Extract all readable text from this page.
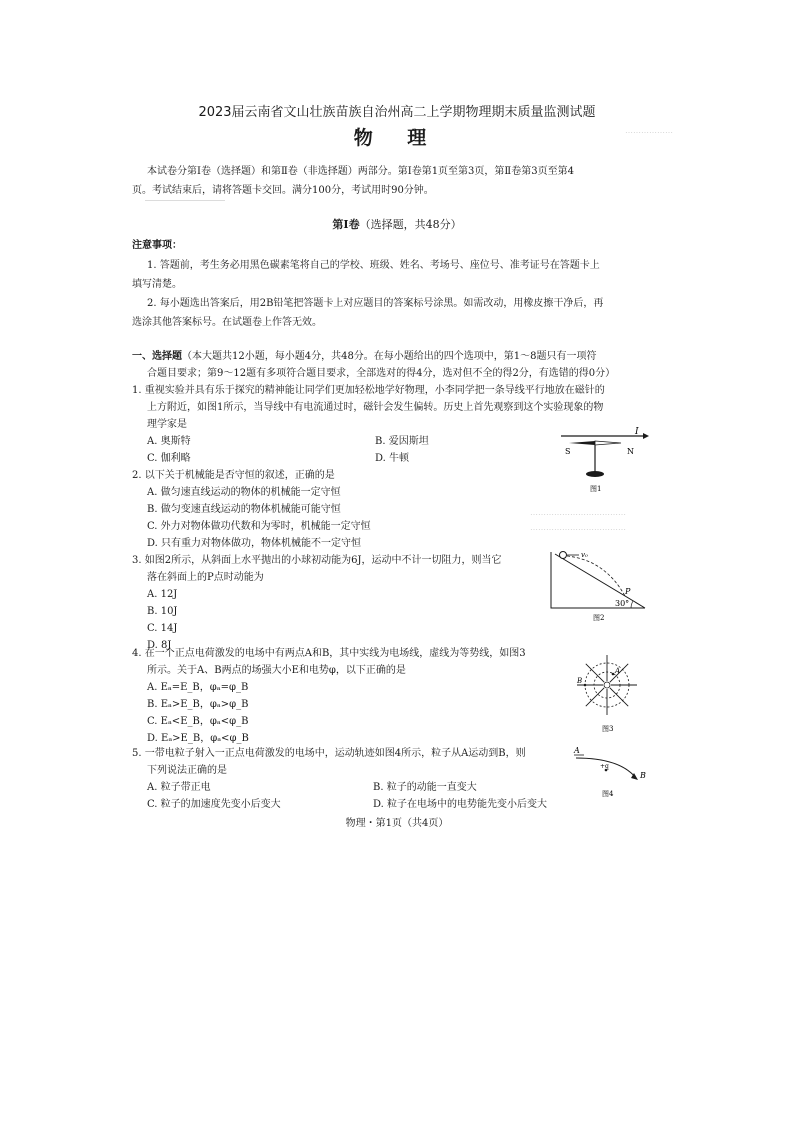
⋯⋯⋯⋯⋯⋯
⋯⋯⋯⋯⋯⋯⋯⋯⋯⋯⋯⋯
⋯⋯⋯⋯⋯⋯⋯⋯⋯⋯⋯⋯
2023届云南省文山壮族苗族自治州高二上学期物理期末质量监测试题
物 理
本试卷分第Ⅰ卷（选择题）和第Ⅱ卷（非选择题）两部分。第Ⅰ卷第1页至第3页，第Ⅱ卷第3页至第4
页。考试结束后，请将答题卡交回。满分100分，考试用时90分钟。
第Ⅰ卷（选择题，共48分）
注意事项：
1. 答题前，考生务必用黑色碳素笔将自己的学校、班级、姓名、考场号、座位号、准考证号在答题卡上
填写清楚。
2. 每小题选出答案后，用2B铅笔把答题卡上对应题目的答案标号涂黑。如需改动，用橡皮擦干净后，再
选涂其他答案标号。在试题卷上作答无效。
一、选择题（本大题共12小题，每小题4分，共48分。在每小题给出的四个选项中，第1～8题只有一项符
合题目要求；第9～12题有多项符合题目要求，全部选对的得4分，选对但不全的得2分，有选错的得0分）
1. 重视实验并具有乐于探究的精神能让同学们更加轻松地学好物理，小李同学把一条导线平行地放在磁针的
上方附近，如图1所示，当导线中有电流通过时，磁针会发生偏转。历史上首先观察到这个实验现象的物
理学家是
A. 奥斯特	B. 爱因斯坦
C. 伽利略	D. 牛顿
I
S	N
图1
2. 以下关于机械能是否守恒的叙述，正确的是
A. 做匀速直线运动的物体的机械能一定守恒
B. 做匀变速直线运动的物体机械能可能守恒
C. 外力对物体做功代数和为零时，机械能一定守恒
D. 只有重力对物体做功，物体机械能不一定守恒
3. 如图2所示，从斜面上水平抛出的小球初动能为6J，运动中不计一切阻力，则当它
落在斜面上的P点时动能为
A. 12J
B. 10J
C. 14J
D. 8J
v₀
P
30°
图2
4. 在一个正点电荷激发的电场中有两点A和B，其中实线为电场线，虚线为等势线，如图3
所示。关于A、B两点的场强大小E和电势φ，以下正确的是
A. Eₐ=E_B，φₐ=φ_B
B. Eₐ>E_B，φₐ>φ_B
C. Eₐ<E_B，φₐ<φ_B
D. Eₐ>E_B，φₐ<φ_B
A
B
图3
5. 一带电粒子射入一正点电荷激发的电场中，运动轨迹如图4所示，粒子从A运动到B，则
下列说法正确的是
A. 粒子带正电	B. 粒子的动能一直变大
C. 粒子的加速度先变小后变大	D. 粒子在电场中的电势能先变小后变大
A
+q
B
图4
物理・第1页（共4页）
